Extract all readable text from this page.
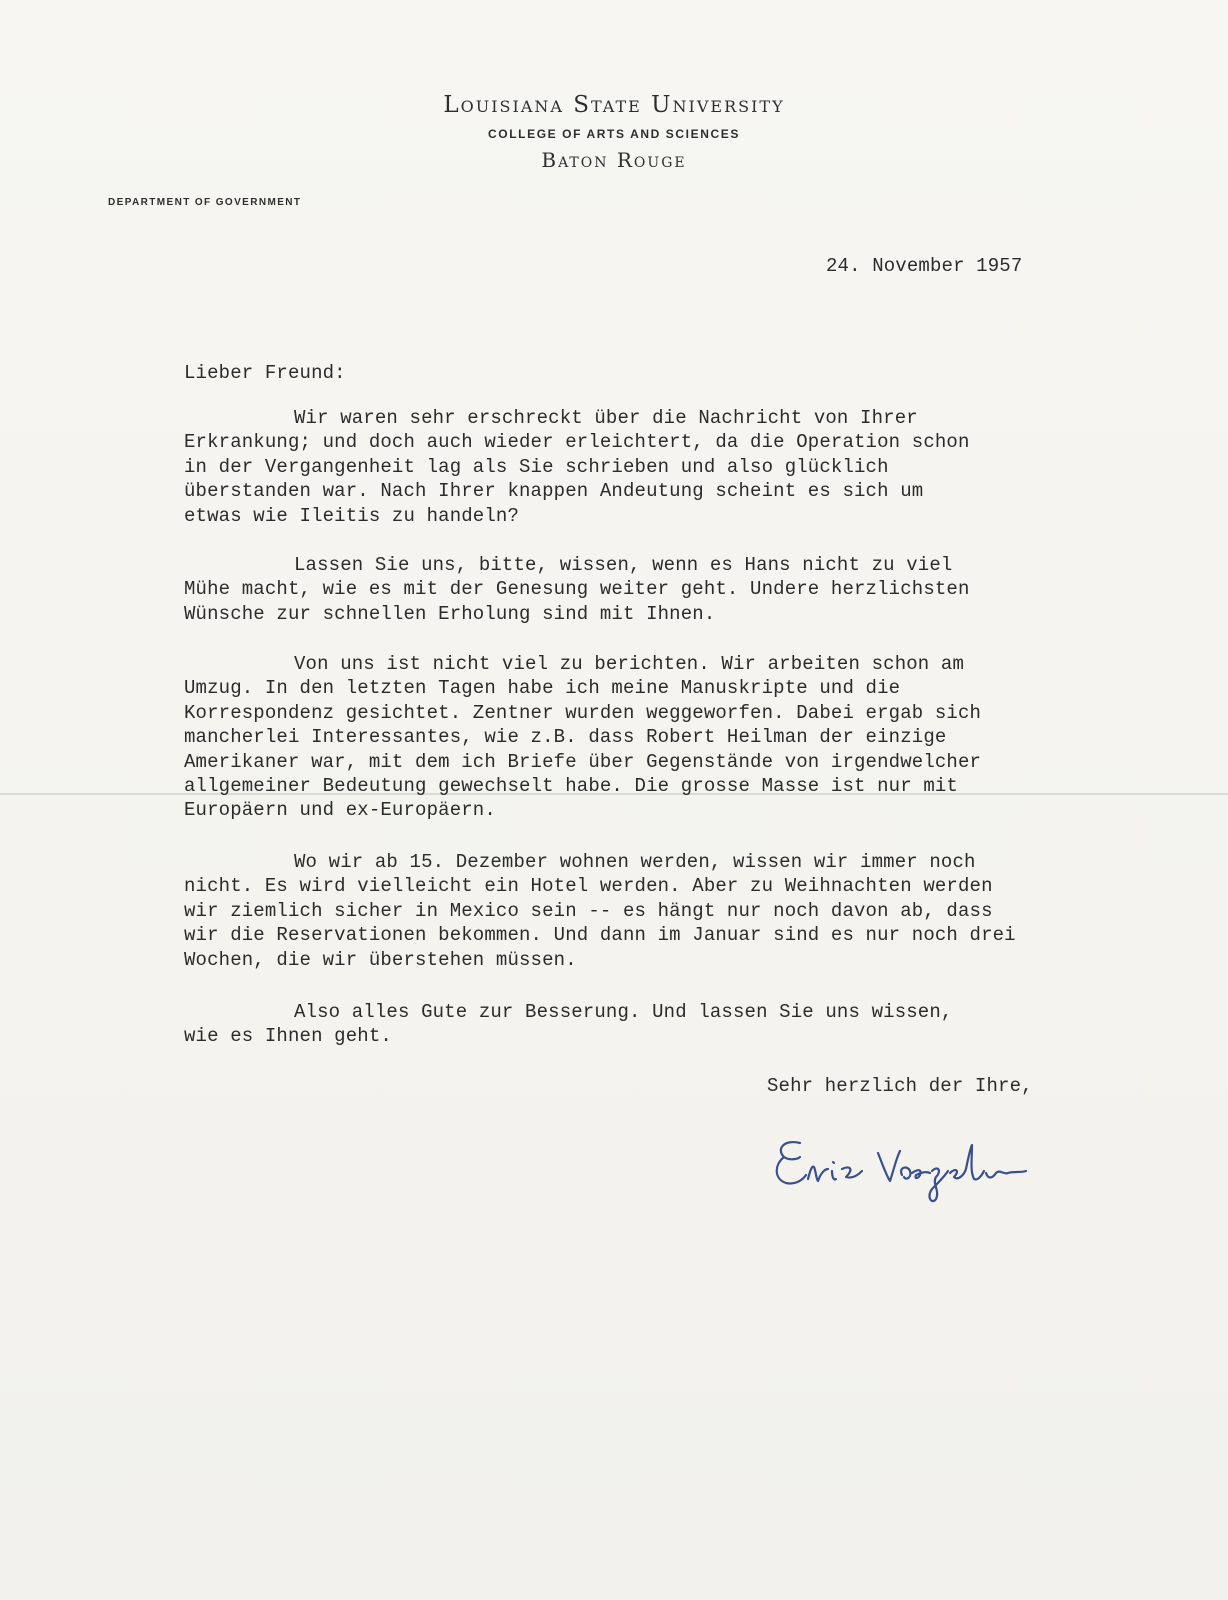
Louisiana State University
COLLEGE OF ARTS AND SCIENCES
Baton Rouge
DEPARTMENT OF GOVERNMENT
24. November 1957
Lieber Freund:

Wir waren sehr erschreckt über die Nachricht von Ihrer
Erkrankung; und doch auch wieder erleichtert, da die Operation schon
in der Vergangenheit lag als Sie schrieben und also glücklich
überstanden war. Nach Ihrer knappen Andeutung scheint es sich um
etwas wie Ileitis zu handeln?

Lassen Sie uns, bitte, wissen, wenn es Hans nicht zu viel
Mühe macht, wie es mit der Genesung weiter geht. Undere herzlichsten
Wünsche zur schnellen Erholung sind mit Ihnen.

Von uns ist nicht viel zu berichten. Wir arbeiten schon am
Umzug. In den letzten Tagen habe ich meine Manuskripte und die
Korrespondenz gesichtet. Zentner wurden weggeworfen. Dabei ergab sich
mancherlei Interessantes, wie z.B. dass Robert Heilman der einzige
Amerikaner war, mit dem ich Briefe über Gegenstände von irgendwelcher
allgemeiner Bedeutung gewechselt habe. Die grosse Masse ist nur mit
Europäern und ex-Europäern.

Wo wir ab 15. Dezember wohnen werden, wissen wir immer noch
nicht. Es wird vielleicht ein Hotel werden. Aber zu Weihnachten werden
wir ziemlich sicher in Mexico sein -- es hängt nur noch davon ab, dass
wir die Reservationen bekommen. Und dann im Januar sind es nur noch drei
Wochen, die wir überstehen müssen.

Also alles Gute zur Besserung. Und lassen Sie uns wissen,
wie es Ihnen geht.

Sehr herzlich der Ihre,
